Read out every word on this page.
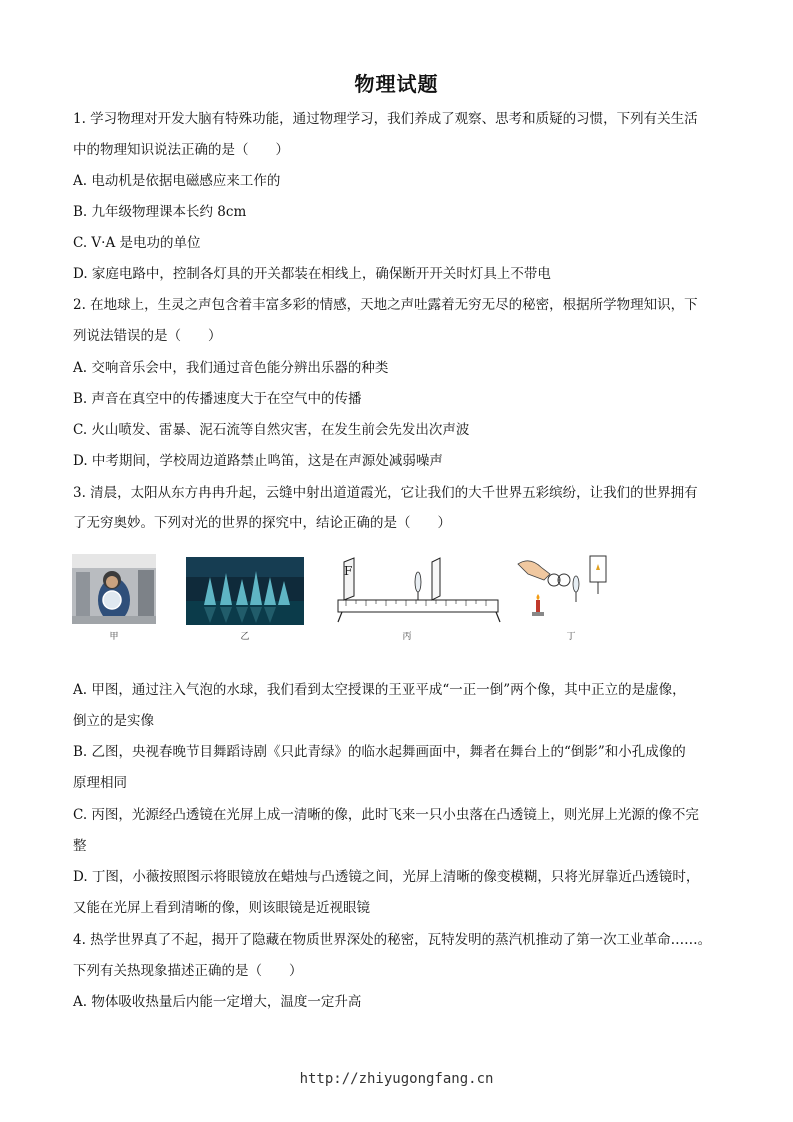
物理试题
1. 学习物理对开发大脑有特殊功能，通过物理学习，我们养成了观察、思考和质疑的习惯，下列有关生活
中的物理知识说法正确的是（　　）
A. 电动机是依据电磁感应来工作的
B. 九年级物理课本长约 8cm
C. V·A 是电功的单位
D. 家庭电路中，控制各灯具的开关都装在相线上，确保断开开关时灯具上不带电
2. 在地球上，生灵之声包含着丰富多彩的情感，天地之声吐露着无穷无尽的秘密，根据所学物理知识，下
列说法错误的是（　　）
A. 交响音乐会中，我们通过音色能分辨出乐器的种类
B. 声音在真空中的传播速度大于在空气中的传播
C. 火山喷发、雷暴、泥石流等自然灾害，在发生前会先发出次声波
D. 中考期间，学校周边道路禁止鸣笛，这是在声源处减弱噪声
3. 清晨，太阳从东方冉冉升起，云缝中射出道道霞光，它让我们的大千世界五彩缤纷，让我们的世界拥有
了无穷奥妙。下列对光的世界的探究中，结论正确的是（　　）
甲	乙
F
丙	丁
A. 甲图，通过注入气泡的水球，我们看到太空授课的王亚平成“一正一倒”两个像，其中正立的是虚像，
倒立的是实像
B. 乙图，央视春晚节目舞蹈诗剧《只此青绿》的临水起舞画面中，舞者在舞台上的“倒影”和小孔成像的
原理相同
C. 丙图，光源经凸透镜在光屏上成一清晰的像，此时飞来一只小虫落在凸透镜上，则光屏上光源的像不完
整
D. 丁图，小薇按照图示将眼镜放在蜡烛与凸透镜之间，光屏上清晰的像变模糊，只将光屏靠近凸透镜时，
又能在光屏上看到清晰的像，则该眼镜是近视眼镜
4. 热学世界真了不起，揭开了隐藏在物质世界深处的秘密，瓦特发明的蒸汽机推动了第一次工业革命……。
下列有关热现象描述正确的是（　　）
A. 物体吸收热量后内能一定增大，温度一定升高
http://zhiyugongfang.cn
